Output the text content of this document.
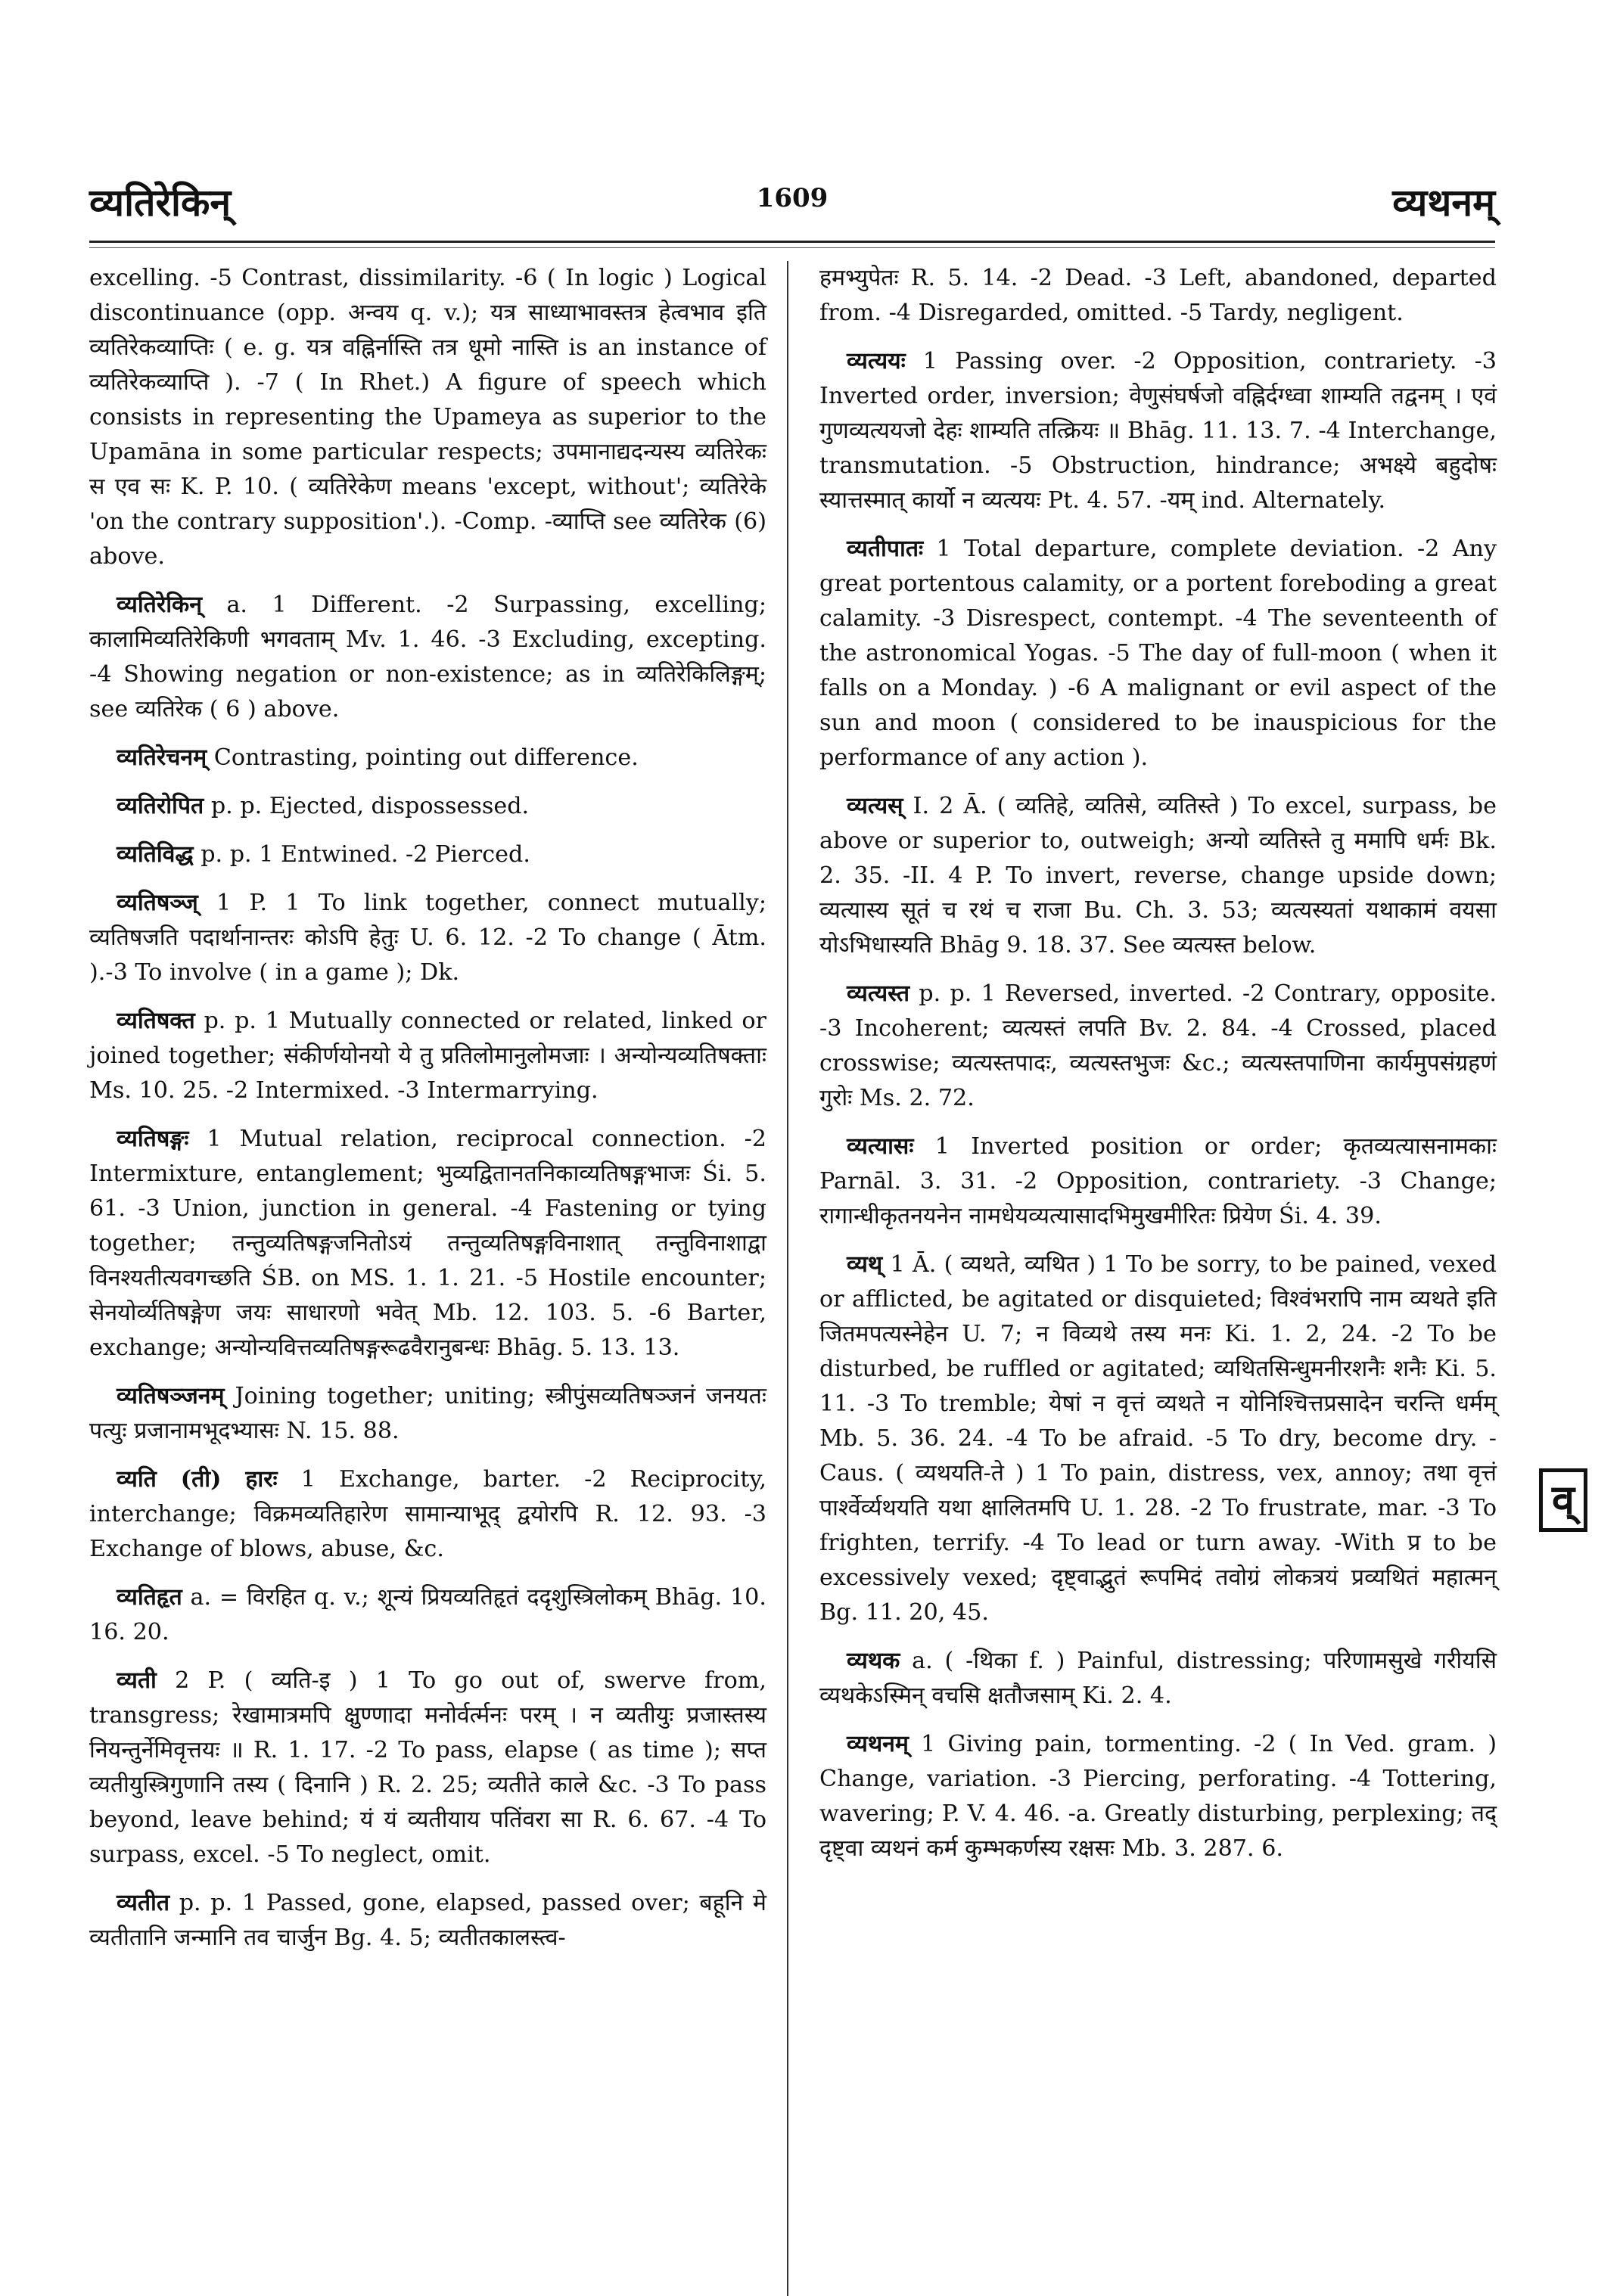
व्यतिरेकिन्	1609	व्यथनम्

excelling. -5 Contrast, dissimilarity. -6 ( In logic ) Logical discontinuance (opp. अन्वय q. v.); यत्र साध्याभावस्तत्र हेत्वभाव इति व्यतिरेकव्याप्तिः ( e. g. यत्र वह्निर्नास्ति तत्र धूमो नास्ति is an instance of व्यतिरेकव्याप्ति ). -7 ( In Rhet.) A figure of speech which consists in representing the Upameya as superior to the Upamāna in some particular respects; उपमानाद्यदन्यस्य व्यतिरेकः स एव सः K. P. 10. ( व्यतिरेकेण means 'except, without'; व्यतिरेके 'on the contrary supposition'.). -Comp. -व्याप्ति see व्यतिरेक (6) above.

व्यतिरेकिन् a. 1 Different. -2 Surpassing, excelling; कालामिव्यतिरेकिणी भगवताम् Mv. 1. 46. -3 Excluding, excepting. -4 Showing negation or non-existence; as in व्यतिरेकिलिङ्गम्; see व्यतिरेक ( 6 ) above.

व्यतिरेचनम् Contrasting, pointing out difference.

व्यतिरोपित p. p. Ejected, dispossessed.

व्यतिविद्ध p. p. 1 Entwined. -2 Pierced.

व्यतिषञ्ज् 1 P. 1 To link together, connect mutually; व्यतिषजति पदार्थानान्तरः कोऽपि हेतुः U. 6. 12. -2 To change ( Ātm. ).-3 To involve ( in a game ); Dk.

व्यतिषक्त p. p. 1 Mutually connected or related, linked or joined together; संकीर्णयोनयो ये तु प्रतिलोमानुलोमजाः । अन्योन्यव्यतिषक्ताः Ms. 10. 25. -2 Intermixed. -3 Intermarrying.

व्यतिषङ्गः 1 Mutual relation, reciprocal connection. -2 Intermixture, entanglement; भुव्यद्वितानतनिकाव्यतिषङ्गभाजः Śi. 5. 61. -3 Union, junction in general. -4 Fastening or tying together; तन्तुव्यतिषङ्गजनितोऽयं तन्तुव्यतिषङ्गविनाशात् तन्तुविनाशाद्वा विनश्यतीत्यवगच्छति ŚB. on MS. 1. 1. 21. -5 Hostile encounter; सेनयोर्व्यतिषङ्गेण जयः साधारणो भवेत् Mb. 12. 103. 5. -6 Barter, exchange; अन्योन्यवित्तव्यतिषङ्गरूढवैरानुबन्धः Bhāg. 5. 13. 13.

व्यतिषञ्जनम् Joining together; uniting; स्त्रीपुंसव्यतिषञ्जनं जनयतः पत्युः प्रजानामभूदभ्यासः N. 15. 88.

व्यति (ती) हारः 1 Exchange, barter. -2 Reciprocity, interchange; विक्रमव्यतिहारेण सामान्याभूद् द्वयोरपि R. 12. 93. -3 Exchange of blows, abuse, &c.

व्यतिहृत a. = विरहित q. v.; शून्यं प्रियव्यतिहृतं ददृशुस्त्रिलोकम् Bhāg. 10. 16. 20.

व्यती 2 P. ( व्यति-इ ) 1 To go out of, swerve from, transgress; रेखामात्रमपि क्षुण्णादा मनोर्वर्त्मनः परम् । न व्यतीयुः प्रजास्तस्य नियन्तुर्नेमिवृत्तयः ॥ R. 1. 17. -2 To pass, elapse ( as time ); सप्त व्यतीयुस्त्रिगुणानि तस्य ( दिनानि ) R. 2. 25; व्यतीते काले &c. -3 To pass beyond, leave behind; यं यं व्यतीयाय पतिंवरा सा R. 6. 67. -4 To surpass, excel. -5 To neglect, omit.

व्यतीत p. p. 1 Passed, gone, elapsed, passed over; बहूनि मे व्यतीतानि जन्मानि तव चार्जुन Bg. 4. 5; व्यतीतकालस्त्व-

हमभ्युपेतः R. 5. 14. -2 Dead. -3 Left, abandoned, departed from. -4 Disregarded, omitted. -5 Tardy, negligent.

व्यत्ययः 1 Passing over. -2 Opposition, contrariety. -3 Inverted order, inversion; वेणुसंघर्षजो वह्निर्दग्ध्वा शाम्यति तद्वनम् । एवं गुणव्यत्ययजो देहः शाम्यति तत्क्रियः ॥ Bhāg. 11. 13. 7. -4 Interchange, transmutation. -5 Obstruction, hindrance; अभक्ष्ये बहुदोषः स्यात्तस्मात् कार्यो न व्यत्ययः Pt. 4. 57. -यम् ind. Alternately.

व्यतीपातः 1 Total departure, complete deviation. -2 Any great portentous calamity, or a portent foreboding a great calamity. -3 Disrespect, contempt. -4 The seventeenth of the astronomical Yogas. -5 The day of full-moon ( when it falls on a Monday. ) -6 A malignant or evil aspect of the sun and moon ( considered to be inauspicious for the performance of any action ).

व्यत्यस् I. 2 Ā. ( व्यतिहे, व्यतिसे, व्यतिस्ते ) To excel, surpass, be above or superior to, outweigh; अन्यो व्यतिस्ते तु ममापि धर्मः Bk. 2. 35. -II. 4 P. To invert, reverse, change upside down; व्यत्यास्य सूतं च रथं च राजा Bu. Ch. 3. 53; व्यत्यस्यतां यथाकामं वयसा योऽभिधास्यति Bhāg 9. 18. 37. See व्यत्यस्त below.

व्यत्यस्त p. p. 1 Reversed, inverted. -2 Contrary, opposite. -3 Incoherent; व्यत्यस्तं लपति Bv. 2. 84. -4 Crossed, placed crosswise; व्यत्यस्तपादः, व्यत्यस्तभुजः &c.; व्यत्यस्तपाणिना कार्यमुपसंग्रहणं गुरोः Ms. 2. 72.

व्यत्यासः 1 Inverted position or order; कृतव्यत्यासनामकाः Parnāl. 3. 31. -2 Opposition, contrariety. -3 Change; रागान्धीकृतनयनेन नामधेयव्यत्यासादभिमुखमीरितः प्रियेण Śi. 4. 39.

व्यथ् 1 Ā. ( व्यथते, व्यथित ) 1 To be sorry, to be pained, vexed or afflicted, be agitated or disquieted; विश्वंभरापि नाम व्यथते इति जितमपत्यस्नेहेन U. 7; न विव्यथे तस्य मनः Ki. 1. 2, 24. -2 To be disturbed, be ruffled or agitated; व्यथितसिन्धुमनीरशनैः शनैः Ki. 5. 11. -3 To tremble; येषां न वृत्तं व्यथते न योनिश्चित्तप्रसादेन चरन्ति धर्मम् Mb. 5. 36. 24. -4 To be afraid. -5 To dry, become dry. -Caus. ( व्यथयति-ते ) 1 To pain, distress, vex, annoy; तथा वृत्तं पार्श्वेर्व्यथयति यथा क्षालितमपि U. 1. 28. -2 To frustrate, mar. -3 To frighten, terrify. -4 To lead or turn away. -With प्र to be excessively vexed; दृष्ट्वाद्भुतं रूपमिदं तवोग्रं लोकत्रयं प्रव्यथितं महात्मन् Bg. 11. 20, 45.

व्यथक a. ( -थिका f. ) Painful, distressing; परिणामसुखे गरीयसि व्यथकेऽस्मिन् वचसि क्षतौजसाम् Ki. 2. 4.

व्यथनम् 1 Giving pain, tormenting. -2 ( In Ved. gram. ) Change, variation. -3 Piercing, perforating. -4 Tottering, wavering; P. V. 4. 46. -a. Greatly disturbing, perplexing; तद् दृष्ट्वा व्यथनं कर्म कुम्भकर्णस्य रक्षसः Mb. 3. 287. 6.

व्
